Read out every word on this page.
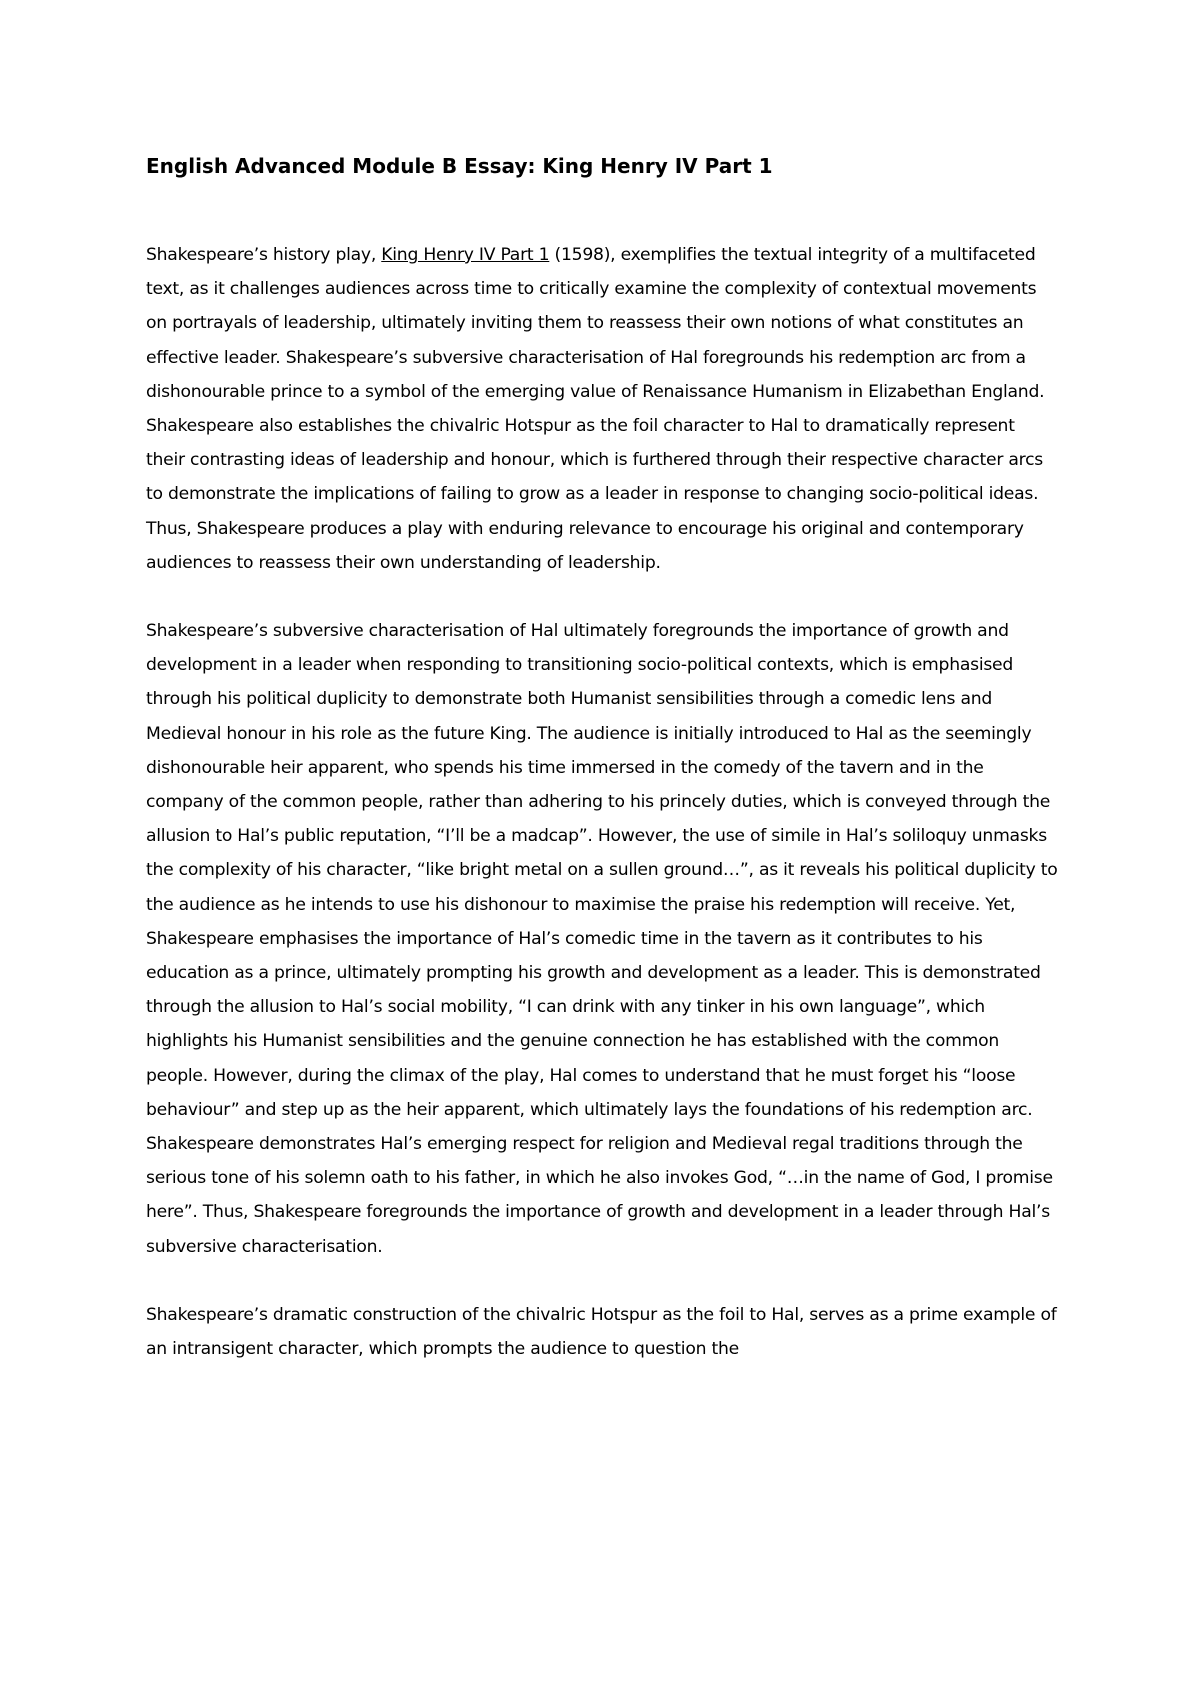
English Advanced Module B Essay: King Henry IV Part 1

Shakespeare’s history play, King Henry IV Part 1 (1598), exemplifies the textual integrity of a multifaceted text, as it challenges audiences across time to critically examine the complexity of contextual movements on portrayals of leadership, ultimately inviting them to reassess their own notions of what constitutes an effective leader. Shakespeare’s subversive characterisation of Hal foregrounds his redemption arc from a dishonourable prince to a symbol of the emerging value of Renaissance Humanism in Elizabethan England. Shakespeare also establishes the chivalric Hotspur as the foil character to Hal to dramatically represent their contrasting ideas of leadership and honour, which is furthered through their respective character arcs to demonstrate the implications of failing to grow as a leader in response to changing socio-political ideas. Thus, Shakespeare produces a play with enduring relevance to encourage his original and contemporary audiences to reassess their own understanding of leadership.

Shakespeare’s subversive characterisation of Hal ultimately foregrounds the importance of growth and development in a leader when responding to transitioning socio-political contexts, which is emphasised through his political duplicity to demonstrate both Humanist sensibilities through a comedic lens and Medieval honour in his role as the future King. The audience is initially introduced to Hal as the seemingly dishonourable heir apparent, who spends his time immersed in the comedy of the tavern and in the company of the common people, rather than adhering to his princely duties, which is conveyed through the allusion to Hal’s public reputation, “I’ll be a madcap”. However, the use of simile in Hal’s soliloquy unmasks the complexity of his character, “like bright metal on a sullen ground…”, as it reveals his political duplicity to the audience as he intends to use his dishonour to maximise the praise his redemption will receive. Yet, Shakespeare emphasises the importance of Hal’s comedic time in the tavern as it contributes to his education as a prince, ultimately prompting his growth and development as a leader. This is demonstrated through the allusion to Hal’s social mobility, “I can drink with any tinker in his own language”, which highlights his Humanist sensibilities and the genuine connection he has established with the common people. However, during the climax of the play, Hal comes to understand that he must forget his “loose behaviour” and step up as the heir apparent, which ultimately lays the foundations of his redemption arc. Shakespeare demonstrates Hal’s emerging respect for religion and Medieval regal traditions through the serious tone of his solemn oath to his father, in which he also invokes God, “…in the name of God, I promise here”. Thus, Shakespeare foregrounds the importance of growth and development in a leader through Hal’s subversive characterisation.

Shakespeare’s dramatic construction of the chivalric Hotspur as the foil to Hal, serves as a prime example of an intransigent character, which prompts the audience to question the
